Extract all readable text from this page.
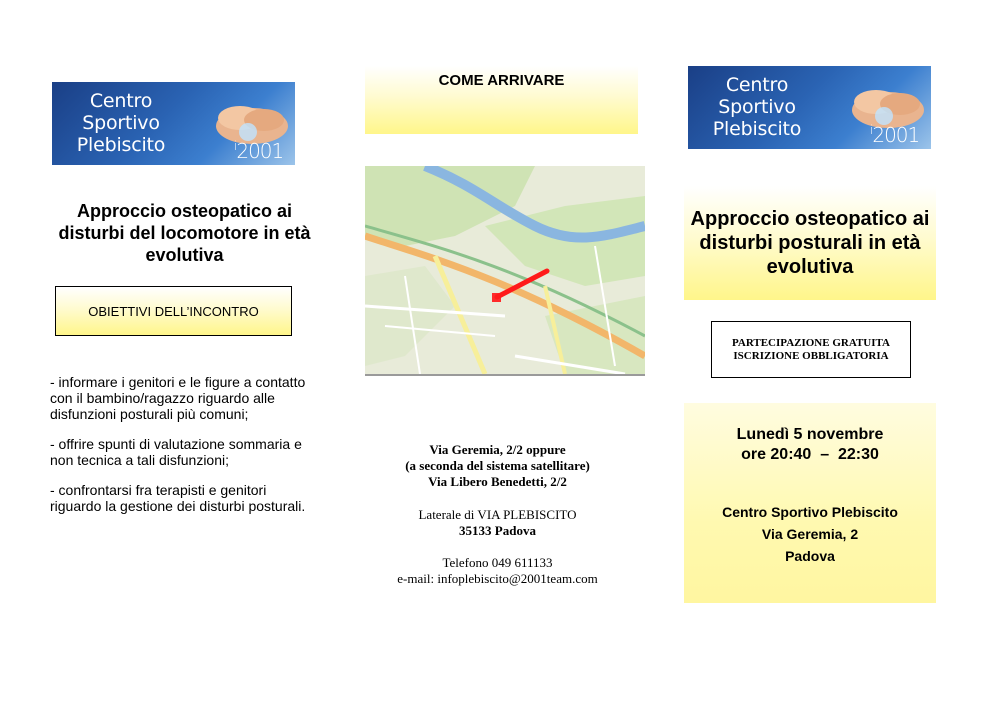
Centro Sportivo
Plebiscito	$^i$2001
Approccio osteopatico ai disturbi del locomotore in età evolutiva
OBIETTIVI DELL’INCONTRO

- informare i genitori e le figure a contatto con il bambino/ragazzo riguardo alle disfunzioni posturali più comuni;

- offrire spunti di valutazione sommaria e non tecnica a tali disfunzioni;

- confrontarsi fra terapisti e genitori riguardo la gestione dei disturbi posturali.

COME ARRIVARE
Via Geremia, 2/2 oppure
(a seconda del sistema satellitare)
Via Libero Benedetti, 2/2
Laterale di VIA PLEBISCITO
35133 Padova
Telefono 049 611133
e-mail: infoplebiscito@2001team.com
Centro Sportivo
Plebiscito	$^i$2001
Approccio osteopatico ai disturbi posturali in età evolutiva
PARTECIPAZIONE GRATUITA
ISCRIZIONE OBBLIGATORIA
Lunedì 5 novembre
ore 20:40  –  22:30
Centro Sportivo Plebiscito
Via Geremia, 2
Padova
